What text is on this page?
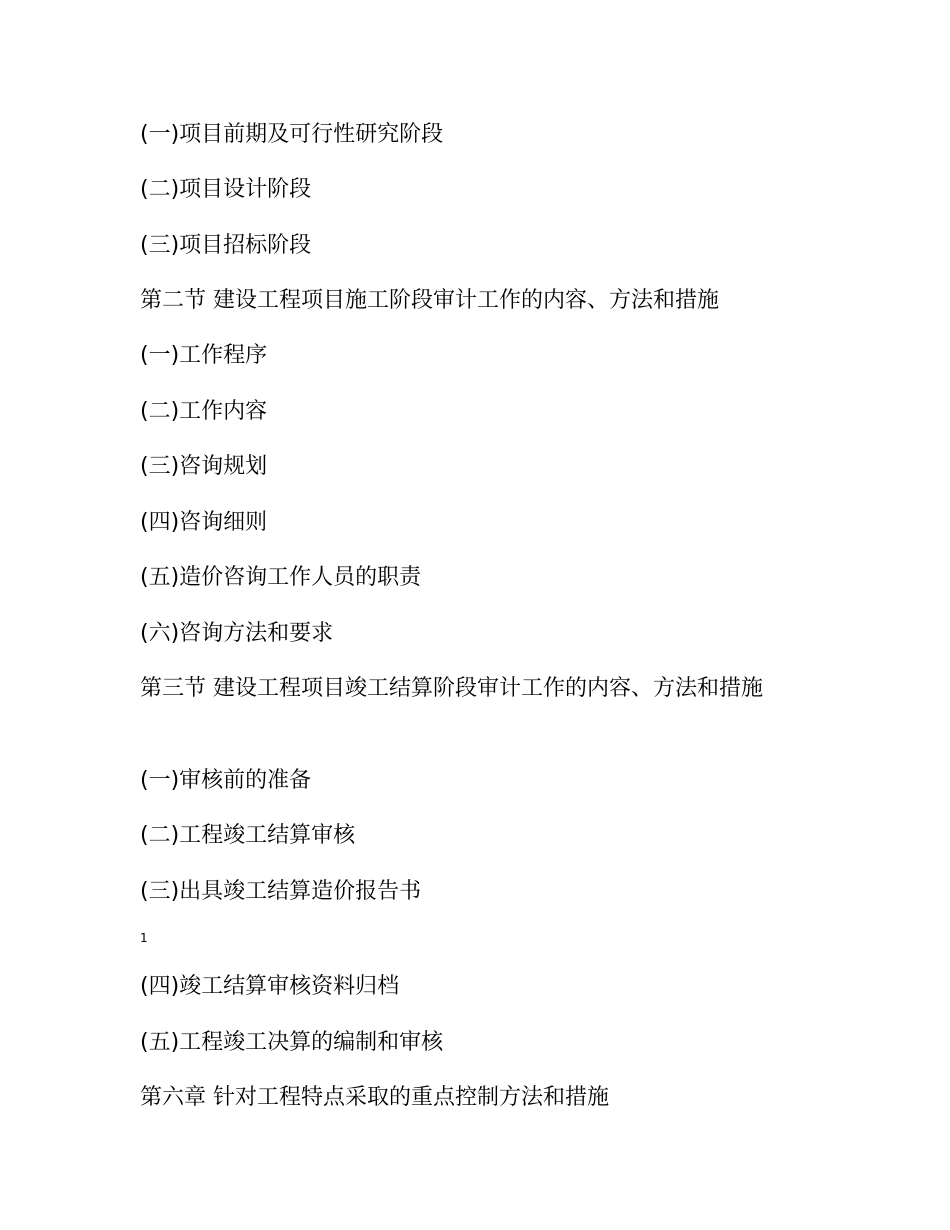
(一)项目前期及可行性研究阶段
(二)项目设计阶段
(三)项目招标阶段
第二节 建设工程项目施工阶段审计工作的内容、方法和措施
(一)工作程序
(二)工作内容
(三)咨询规划
(四)咨询细则
(五)造价咨询工作人员的职责
(六)咨询方法和要求
第三节 建设工程项目竣工结算阶段审计工作的内容、方法和措施
(一)审核前的准备
(二)工程竣工结算审核
(三)出具竣工结算造价报告书
1
(四)竣工结算审核资料归档
(五)工程竣工决算的编制和审核
第六章 针对工程特点采取的重点控制方法和措施
